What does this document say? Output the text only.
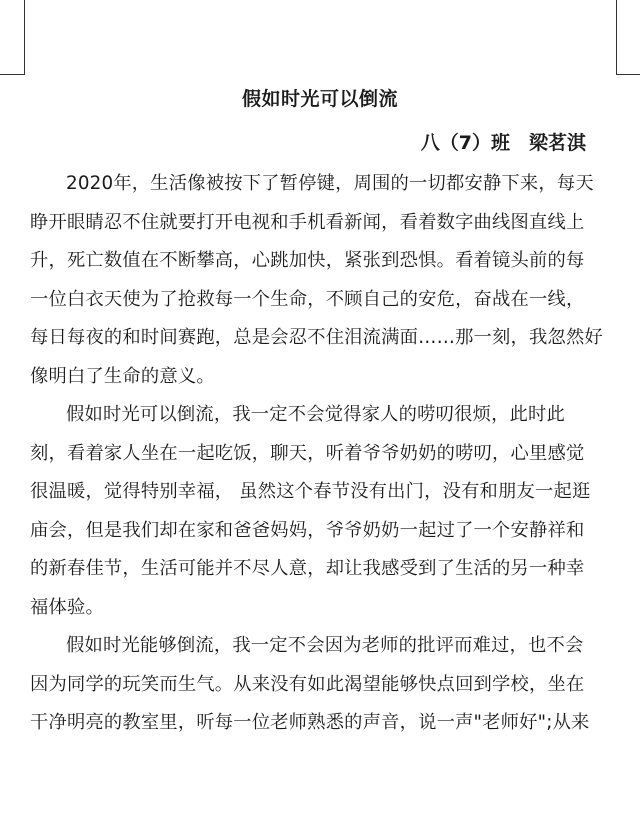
假如时光可以倒流
八（7）班　梁茗淇
2020年，生活像被按下了暂停键，周围的一切都安静下来，每天
睁开眼睛忍不住就要打开电视和手机看新闻，看着数字曲线图直线上
升，死亡数值在不断攀高，心跳加快，紧张到恐惧。看着镜头前的每
一位白衣天使为了抢救每一个生命，不顾自己的安危，奋战在一线，
每日每夜的和时间赛跑，总是会忍不住泪流满面……那一刻，我忽然好
像明白了生命的意义。
假如时光可以倒流，我一定不会觉得家人的唠叨很烦，此时此
刻，看着家人坐在一起吃饭，聊天，听着爷爷奶奶的唠叨，心里感觉
很温暖，觉得特别幸福， 虽然这个春节没有出门，没有和朋友一起逛
庙会，但是我们却在家和爸爸妈妈，爷爷奶奶一起过了一个安静祥和
的新春佳节，生活可能并不尽人意，却让我感受到了生活的另一种幸
福体验。
假如时光能够倒流，我一定不会因为老师的批评而难过，也不会
因为同学的玩笑而生气。从来没有如此渴望能够快点回到学校，坐在
干净明亮的教室里，听每一位老师熟悉的声音，说一声"老师好";从来
